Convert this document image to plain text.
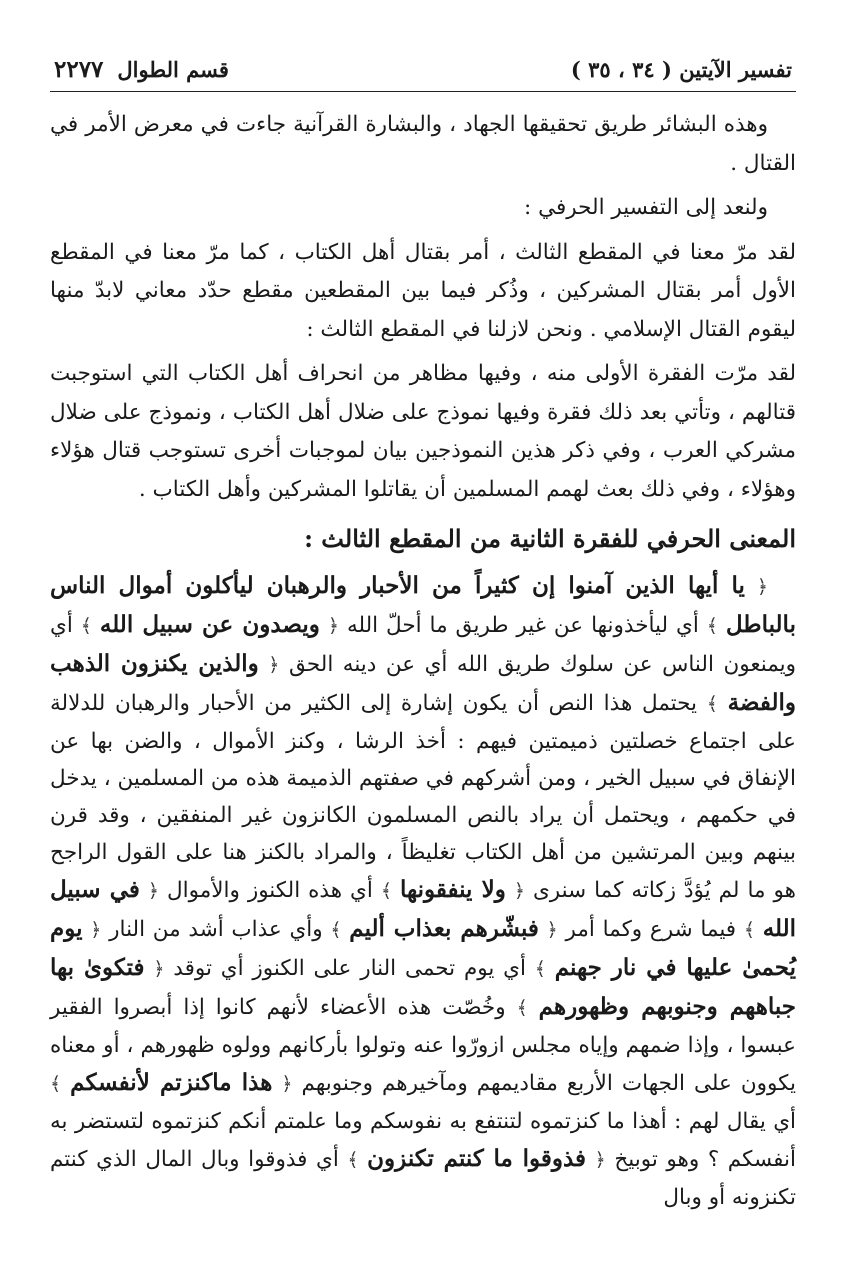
تفسير الآيتين ( ٣٤ ، ٣٥ )
قسم الطوال
٢٢٧٧

وهذه البشائر طريق تحقيقها الجهاد ، والبشارة القرآنية جاءت في معرض الأمر في القتال .

ولنعد إلى التفسير الحرفي :

لقد مرّ معنا في المقطع الثالث ، أمر بقتال أهل الكتاب ، كما مرّ معنا في المقطع الأول أمر بقتال المشركين ، وذُكر فيما بين المقطعين مقطع حدّد معاني لابدّ منها ليقوم القتال الإسلامي . ونحن لازلنا في المقطع الثالث :

لقد مرّت الفقرة الأولى منه ، وفيها مظاهر من انحراف أهل الكتاب التي استوجبت قتالهم ، وتأتي بعد ذلك فقرة وفيها نموذج على ضلال أهل الكتاب ، ونموذج على ضلال مشركي العرب ، وفي ذكر هذين النموذجين بيان لموجبات أخرى تستوجب قتال هؤلاء وهؤلاء ، وفي ذلك بعث لهمم المسلمين أن يقاتلوا المشركين وأهل الكتاب .

المعنى الحرفي للفقرة الثانية من المقطع الثالث :

﴿ يا أيها الذين آمنوا إن كثيراً من الأحبار والرهبان ليأكلون أموال الناس بالباطل ﴾ أي ليأخذونها عن غير طريق ما أحلّ الله ﴿ ويصدون عن سبيل الله ﴾ أي ويمنعون الناس عن سلوك طريق الله أي عن دينه الحق ﴿ والذين يكنزون الذهب والفضة ﴾ يحتمل هذا النص أن يكون إشارة إلى الكثير من الأحبار والرهبان للدلالة على اجتماع خصلتين ذميمتين فيهم : أخذ الرشا ، وكنز الأموال ، والضن بها عن الإنفاق في سبيل الخير ، ومن أشركهم في صفتهم الذميمة هذه من المسلمين ، يدخل في حكمهم ، ويحتمل أن يراد بالنص المسلمون الكانزون غير المنفقين ، وقد قرن بينهم وبين المرتشين من أهل الكتاب تغليظاً ، والمراد بالكنز هنا على القول الراجح هو ما لم يُؤدَّ زكاته كما سنرى ﴿ ولا ينفقونها ﴾ أي هذه الكنوز والأموال ﴿ في سبيل الله ﴾ فيما شرع وكما أمر ﴿ فبشّرهم بعذاب أليم ﴾ وأي عذاب أشد من النار ﴿ يوم يُحمىٰ عليها في نار جهنم ﴾ أي يوم تحمى النار على الكنوز أي توقد ﴿ فتكوىٰ بها جباههم وجنوبهم وظهورهم ﴾ وخُصّت هذه الأعضاء لأنهم كانوا إذا أبصروا الفقير عبسوا ، وإذا ضمهم وإياه مجلس ازورّوا عنه وتولوا بأركانهم وولوه ظهورهم ، أو معناه يكوون على الجهات الأربع مقاديمهم ومآخيرهم وجنوبهم ﴿ هذا ماكنزتم لأنفسكم ﴾ أي يقال لهم : أهذا ما كنزتموه لتنتفع به نفوسكم وما علمتم أنكم كنزتموه لتستضر به أنفسكم ؟ وهو توبيخ ﴿ فذوقوا ما كنتم تكنزون ﴾ أي فذوقوا وبال المال الذي كنتم تكنزونه أو وبال
